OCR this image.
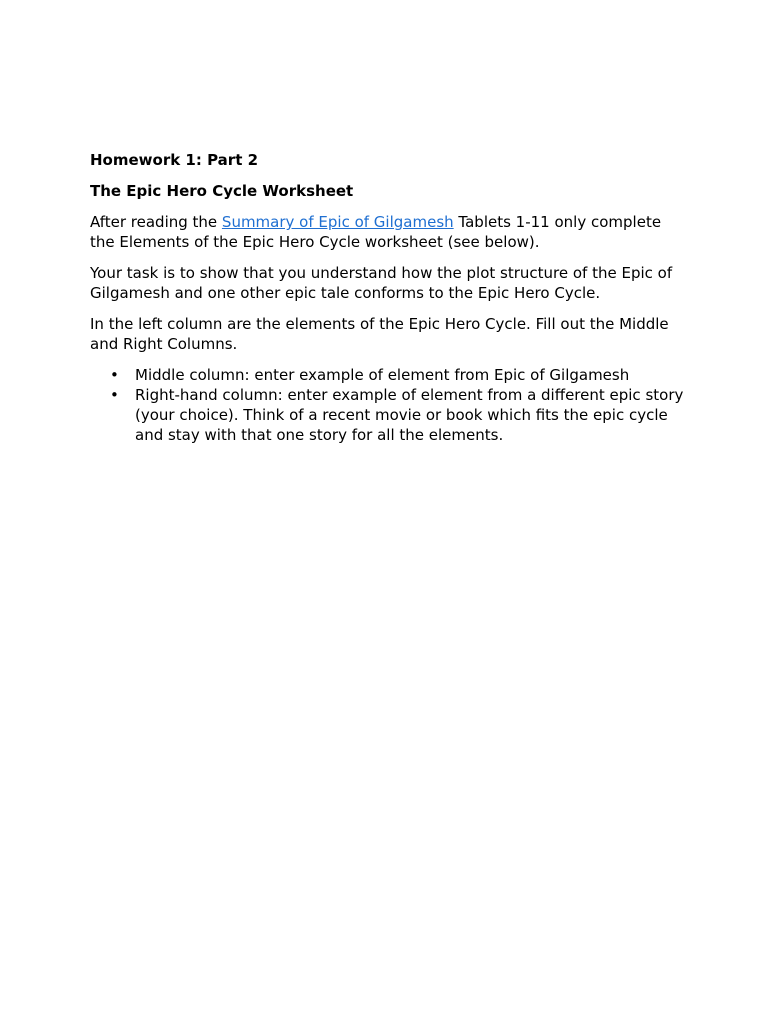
Homework 1: Part 2
The Epic Hero Cycle Worksheet
After reading the Summary of Epic of Gilgamesh Tablets 1-11 only complete the Elements of the Epic Hero Cycle worksheet (see below).
Your task is to show that you understand how the plot structure of the Epic of Gilgamesh and one other epic tale conforms to the Epic Hero Cycle.
In the left column are the elements of the Epic Hero Cycle. Fill out the Middle and Right Columns.
• Middle column: enter example of element from Epic of Gilgamesh
• Right-hand column: enter example of element from a different epic story (your choice). Think of a recent movie or book which fits the epic cycle and stay with that one story for all the elements.
